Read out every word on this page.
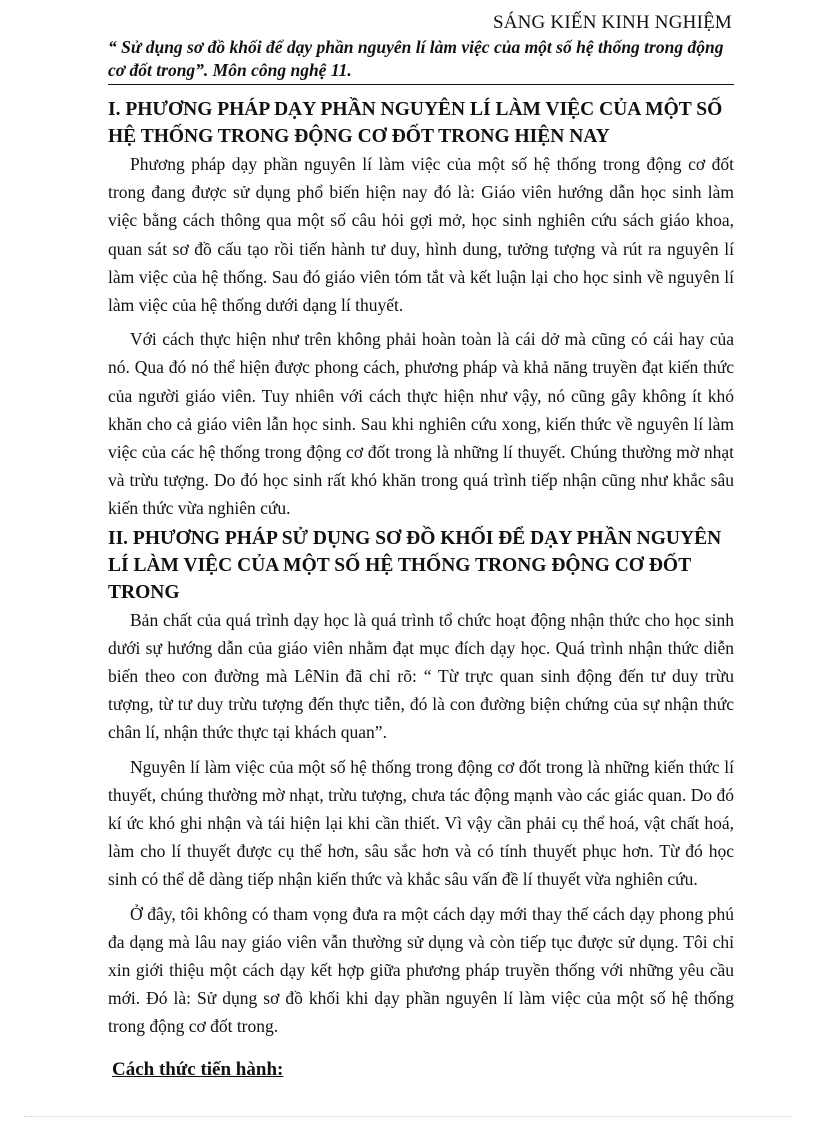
SÁNG KIẾN KINH NGHIỆM
“ Sử dụng sơ đồ khối để dạy phần nguyên lí làm việc của một số hệ thống trong động cơ đốt trong”. Môn công nghệ 11.
I. PHƯƠNG PHÁP DẠY PHẦN NGUYÊN LÍ LÀM VIỆC CỦA MỘT SỐ HỆ THỐNG TRONG ĐỘNG CƠ ĐỐT TRONG HIỆN NAY

Phương pháp dạy phần nguyên lí làm việc của một số hệ thống trong động cơ đốt trong đang được sử dụng phổ biến hiện nay đó là: Giáo viên hướng dẫn học sinh làm việc bằng cách thông qua một số câu hỏi gợi mở, học sinh nghiên cứu sách giáo khoa, quan sát sơ đồ cấu tạo rồi tiến hành tư duy, hình dung, tưởng tượng và rút ra nguyên lí làm việc của hệ thống. Sau đó giáo viên tóm tắt và kết luận lại cho học sinh về nguyên lí làm việc của hệ thống dưới dạng lí thuyết.

Với cách thực hiện như trên không phải hoàn toàn là cái dở mà cũng có cái hay của nó. Qua đó nó thể hiện được phong cách, phương pháp và khả năng truyền đạt kiến thức của người giáo viên. Tuy nhiên với cách thực hiện như vậy, nó cũng gây không ít khó khăn cho cả giáo viên lẫn học sinh. Sau khi nghiên cứu xong, kiến thức về nguyên lí làm việc của các hệ thống trong động cơ đốt trong là những lí thuyết. Chúng thường mờ nhạt và trừu tượng. Do đó học sinh rất khó khăn trong quá trình tiếp nhận cũng như khắc sâu kiến thức vừa nghiên cứu.

II. PHƯƠNG PHÁP SỬ DỤNG SƠ ĐỒ KHỐI ĐỂ DẠY PHẦN NGUYÊN LÍ LÀM VIỆC CỦA MỘT SỐ HỆ THỐNG TRONG ĐỘNG CƠ ĐỐT TRONG

Bản chất của quá trình dạy học là quá trình tổ chức hoạt động nhận thức cho học sinh dưới sự hướng dẫn của giáo viên nhằm đạt mục đích dạy học. Quá trình nhận thức diễn biến theo con đường mà LêNin đã chỉ rõ: “ Từ trực quan sinh động đến tư duy trừu tượng, từ tư duy trừu tượng đến thực tiễn, đó là con đường biện chứng của sự nhận thức chân lí, nhận thức thực tại khách quan”.

Nguyên lí làm việc của một số hệ thống trong động cơ đốt trong là những kiến thức lí thuyết, chúng thường mờ nhạt, trừu tượng, chưa tác động mạnh vào các giác quan. Do đó kí ức khó ghi nhận và tái hiện lại khi cần thiết. Vì vậy cần phải cụ thể hoá, vật chất hoá, làm cho lí thuyết được cụ thể hơn, sâu sắc hơn và có tính thuyết phục hơn. Từ đó học sinh có thể dễ dàng tiếp nhận kiến thức và khắc sâu vấn đề lí thuyết vừa nghiên cứu.

Ở đây, tôi không có tham vọng đưa ra một cách dạy mới thay thế cách dạy phong phú đa dạng mà lâu nay giáo viên vẫn thường sử dụng và còn tiếp tục được sử dụng. Tôi chỉ xin giới thiệu một cách dạy kết hợp giữa phương pháp truyền thống với những yêu cầu mới. Đó là: Sử dụng sơ đồ khối khi dạy phần nguyên lí làm việc của một số hệ thống trong động cơ đốt trong.

Cách thức tiến hành:
